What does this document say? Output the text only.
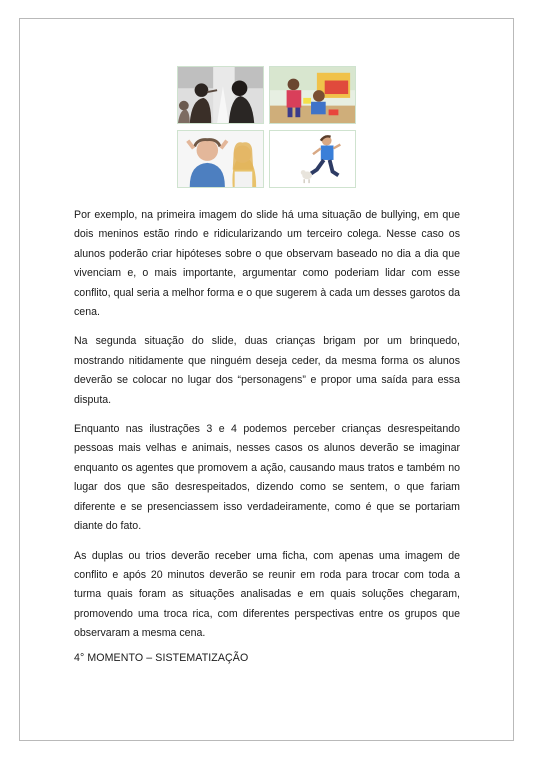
Por exemplo, na primeira imagem do slide há uma situação de bullying, em que dois meninos estão rindo e ridicularizando um terceiro colega. Nesse caso os alunos poderão criar hipóteses sobre o que observam baseado no dia a dia que vivenciam e, o mais importante, argumentar como poderiam lidar com esse conflito, qual seria a melhor forma e o que sugerem à cada um desses garotos da cena.

Na segunda situação do slide, duas crianças brigam por um brinquedo, mostrando nitidamente que ninguém deseja ceder, da mesma forma os alunos deverão se colocar no lugar dos “personagens” e propor uma saída para essa disputa.

Enquanto nas ilustrações 3 e 4 podemos perceber crianças desrespeitando pessoas mais velhas e animais, nesses casos os alunos deverão se imaginar enquanto os agentes que promovem a ação, causando maus tratos e também no lugar dos que são desrespeitados, dizendo como se sentem, o que fariam diferente e se presenciassem isso verdadeiramente, como é que se portariam diante do fato.

As duplas ou trios deverão receber uma ficha, com apenas uma imagem de conflito e após 20 minutos deverão se reunir em roda para trocar com toda a turma quais foram as situações analisadas e em quais soluções chegaram, promovendo uma troca rica, com diferentes perspectivas entre os grupos que observaram a mesma cena.

4° MOMENTO – SISTEMATIZAÇÃO
